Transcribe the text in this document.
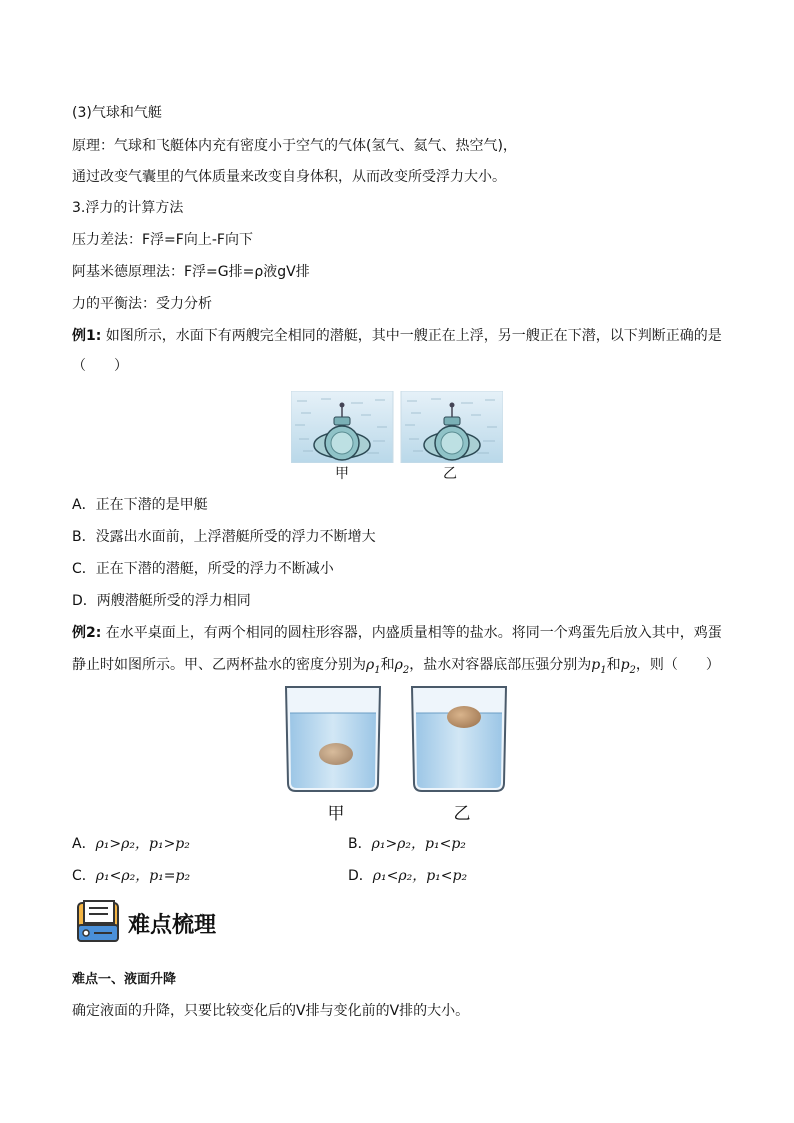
(3)气球和气艇
原理：气球和飞艇体内充有密度小于空气的气体(氢气、氦气、热空气)，
通过改变气囊里的气体质量来改变自身体积，从而改变所受浮力大小。
3.浮力的计算方法
压力差法：F浮=F向上-F向下
阿基米德原理法：F浮=G排=ρ液gV排
力的平衡法：受力分析
例1: 如图所示，水面下有两艘完全相同的潜艇，其中一艘正在上浮，另一艘正在下潜，以下判断正确的是
（　　）
甲	乙
A．正在下潜的是甲艇
B．没露出水面前，上浮潜艇所受的浮力不断增大
C．正在下潜的潜艇，所受的浮力不断减小
D．两艘潜艇所受的浮力相同
例2: 在水平桌面上，有两个相同的圆柱形容器，内盛质量相等的盐水。将同一个鸡蛋先后放入其中，鸡蛋
静止时如图所示。甲、乙两杯盐水的密度分别为$\rho_1$和$\rho_2$，盐水对容器底部压强分别为$p_1$和$p_2$，则（　　）
甲	乙
A．ρ₁>ρ₂，p₁>p₂	B．ρ₁>ρ₂，p₁<p₂
C．ρ₁<ρ₂，p₁=p₂	D．ρ₁<ρ₂，p₁<p₂
难点梳理
难点一、液面升降
确定液面的升降，只要比较变化后的V排与变化前的V排的大小。
